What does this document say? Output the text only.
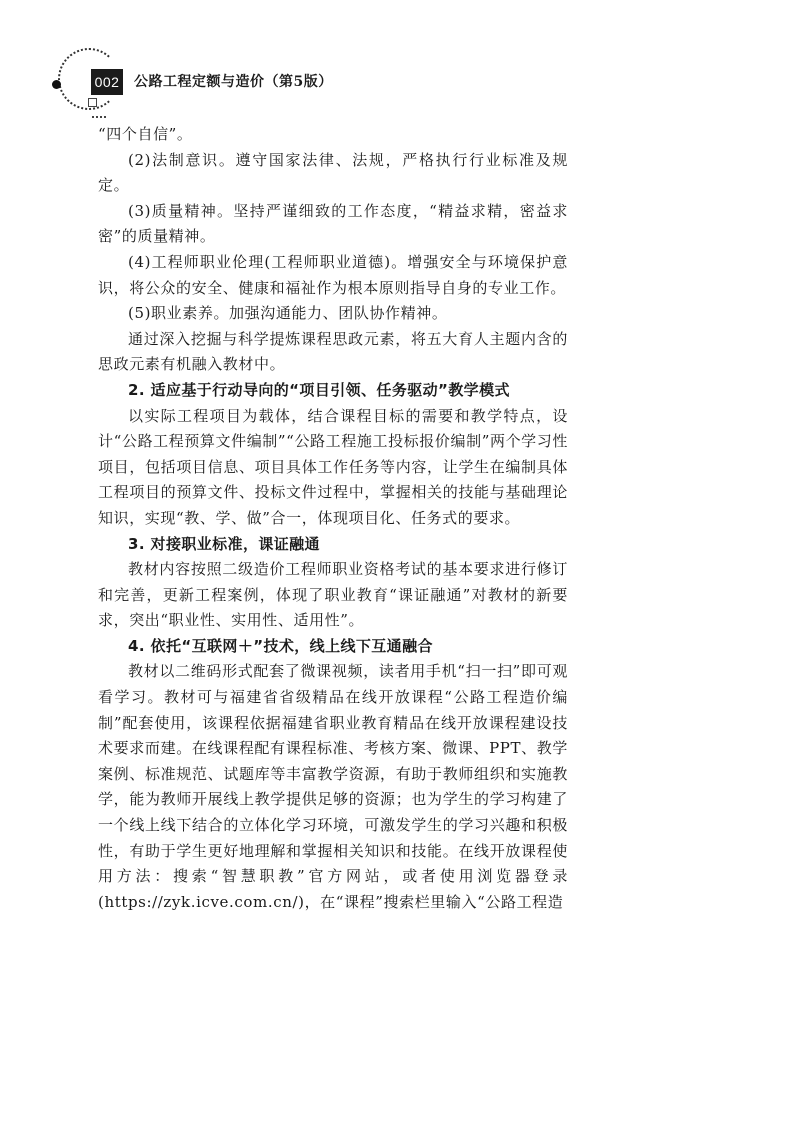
002 公路工程定额与造价（第5版）

“四个自信”。

(2)法制意识。遵守国家法律、法规，严格执行行业标准及规定。

(3)质量精神。坚持严谨细致的工作态度，“精益求精，密益求密”的质量精神。

(4)工程师职业伦理(工程师职业道德)。增强安全与环境保护意识，将公众的安全、健康和福祉作为根本原则指导自身的专业工作。

(5)职业素养。加强沟通能力、团队协作精神。

通过深入挖掘与科学提炼课程思政元素，将五大育人主题内含的思政元素有机融入教材中。

2. 适应基于行动导向的“项目引领、任务驱动”教学模式

以实际工程项目为载体，结合课程目标的需要和教学特点，设计“公路工程预算文件编制”“公路工程施工投标报价编制”两个学习性项目，包括项目信息、项目具体工作任务等内容，让学生在编制具体工程项目的预算文件、投标文件过程中，掌握相关的技能与基础理论知识，实现“教、学、做”合一，体现项目化、任务式的要求。

3. 对接职业标准，课证融通

教材内容按照二级造价工程师职业资格考试的基本要求进行修订和完善，更新工程案例，体现了职业教育“课证融通”对教材的新要求，突出“职业性、实用性、适用性”。

4. 依托“互联网＋”技术，线上线下互通融合

教材以二维码形式配套了微课视频，读者用手机“扫一扫”即可观看学习。教材可与福建省省级精品在线开放课程“公路工程造价编制”配套使用，该课程依据福建省职业教育精品在线开放课程建设技术要求而建。在线课程配有课程标准、考核方案、微课、PPT、教学案例、标准规范、试题库等丰富教学资源，有助于教师组织和实施教学，能为教师开展线上教学提供足够的资源；也为学生的学习构建了一个线上线下结合的立体化学习环境，可激发学生的学习兴趣和积极性，有助于学生更好地理解和掌握相关知识和技能。在线开放课程使用方法：搜索“智慧职教”官方网站，或者使用浏览器登录(https://zyk.icve.com.cn/)，在“课程”搜索栏里输入“公路工程造
